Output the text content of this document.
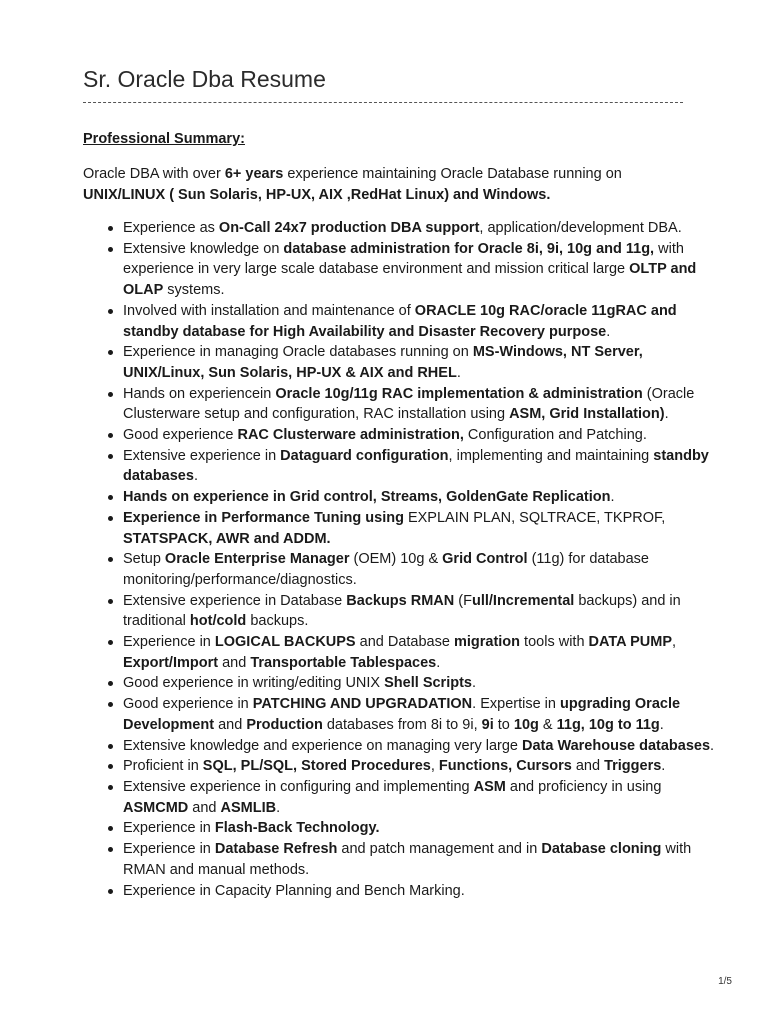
Sr. Oracle Dba Resume
Professional Summary:

Oracle DBA with over 6+ years experience maintaining Oracle Database running on UNIX/LINUX ( Sun Solaris, HP-UX, AIX ,RedHat Linux) and Windows.

Experience as On-Call 24x7 production DBA support, application/development DBA.
Extensive knowledge on database administration for Oracle 8i, 9i, 10g and 11g, with experience in very large scale database environment and mission critical large OLTP and OLAP systems.
Involved with installation and maintenance of ORACLE 10g RAC/oracle 11gRAC and standby database for High Availability and Disaster Recovery purpose.
Experience in managing Oracle databases running on MS-Windows, NT Server, UNIX/Linux, Sun Solaris, HP-UX & AIX and RHEL.
Hands on experiencein Oracle 10g/11g RAC implementation & administration (Oracle Clusterware setup and configuration, RAC installation using ASM, Grid Installation).
Good experience RAC Clusterware administration, Configuration and Patching.
Extensive experience in Dataguard configuration, implementing and maintaining standby databases.
Hands on experience in Grid control, Streams, GoldenGate Replication.
Experience in Performance Tuning using EXPLAIN PLAN, SQLTRACE, TKPROF, STATSPACK, AWR and ADDM.
Setup Oracle Enterprise Manager (OEM) 10g & Grid Control (11g) for database monitoring/performance/diagnostics.
Extensive experience in Database Backups RMAN (Full/Incremental backups) and in traditional hot/cold backups.
Experience in LOGICAL BACKUPS and Database migration tools with DATA PUMP, Export/Import and Transportable Tablespaces.
Good experience in writing/editing UNIX Shell Scripts.
Good experience in PATCHING AND UPGRADATION. Expertise in upgrading Oracle Development and Production databases from 8i to 9i, 9i to 10g & 11g, 10g to 11g.
Extensive knowledge and experience on managing very large Data Warehouse databases.
Proficient in SQL, PL/SQL, Stored Procedures, Functions, Cursors and Triggers.
Extensive experience in configuring and implementing ASM and proficiency in using ASMCMD and ASMLIB.
Experience in Flash-Back Technology.
Experience in Database Refresh and patch management and in Database cloning with RMAN and manual methods.
Experience in Capacity Planning and Bench Marking.
1/5
